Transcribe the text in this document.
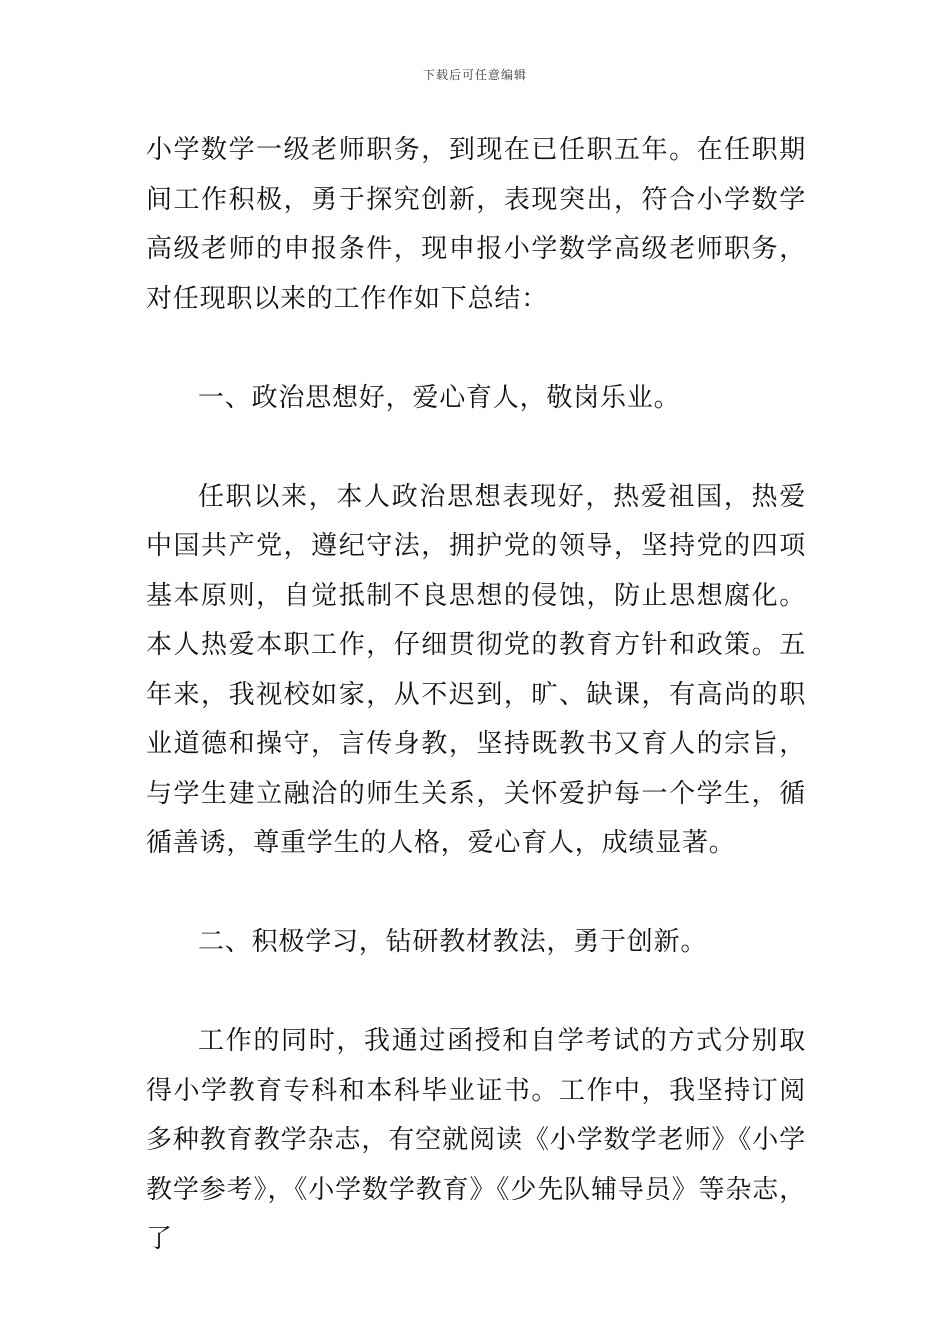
下载后可任意编辑

小学数学一级老师职务，到现在已任职五年。在任职期间工作积极，勇于探究创新，表现突出，符合小学数学高级老师的申报条件，现申报小学数学高级老师职务，对任现职以来的工作作如下总结：

一、政治思想好，爱心育人，敬岗乐业。

任职以来，本人政治思想表现好，热爱祖国，热爱中国共产党，遵纪守法，拥护党的领导，坚持党的四项基本原则，自觉抵制不良思想的侵蚀，防止思想腐化。本人热爱本职工作，仔细贯彻党的教育方针和政策。五年来，我视校如家，从不迟到，旷、缺课，有高尚的职业道德和操守，言传身教，坚持既教书又育人的宗旨，与学生建立融洽的师生关系，关怀爱护每一个学生，循循善诱，尊重学生的人格，爱心育人，成绩显著。

二、积极学习，钻研教材教法，勇于创新。

工作的同时，我通过函授和自学考试的方式分别取得小学教育专科和本科毕业证书。工作中，我坚持订阅多种教育教学杂志，有空就阅读《小学数学老师》《小学教学参考》，《小学数学教育》《少先队辅导员》等杂志，了
